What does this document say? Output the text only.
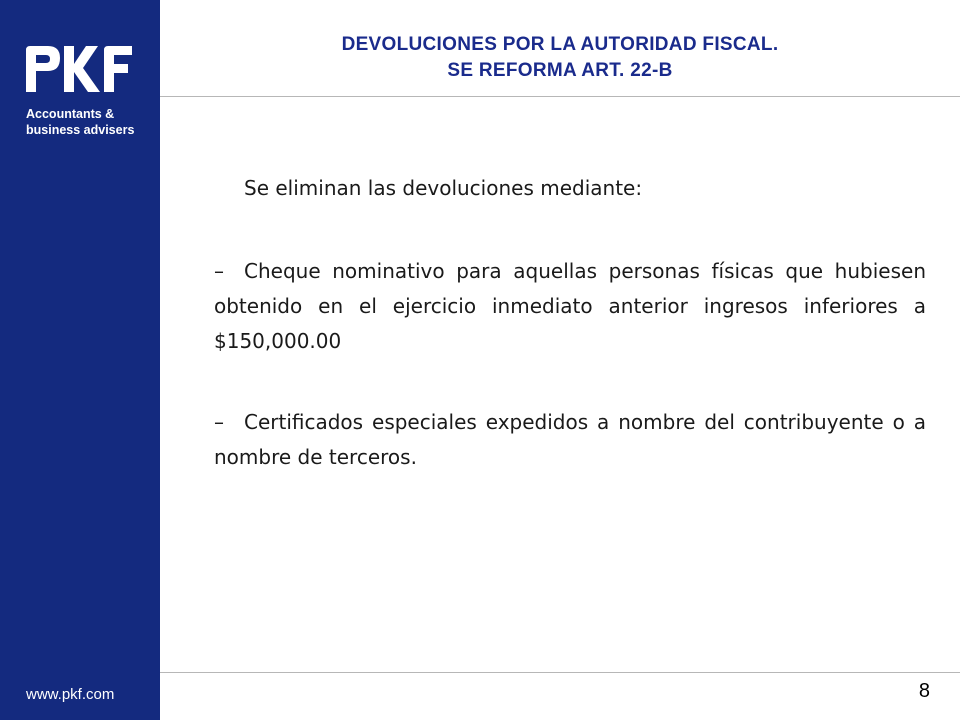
Accountants &
business advisers
www.pkf.com
DEVOLUCIONES POR LA AUTORIDAD FISCAL.
SE REFORMA ART. 22-B
Se eliminan las devoluciones mediante:
– Cheque nominativo para aquellas personas físicas que hubiesen obtenido en el ejercicio inmediato anterior ingresos inferiores a $150,000.00
– Certificados especiales expedidos a nombre del contribuyente o a nombre de terceros.
8
